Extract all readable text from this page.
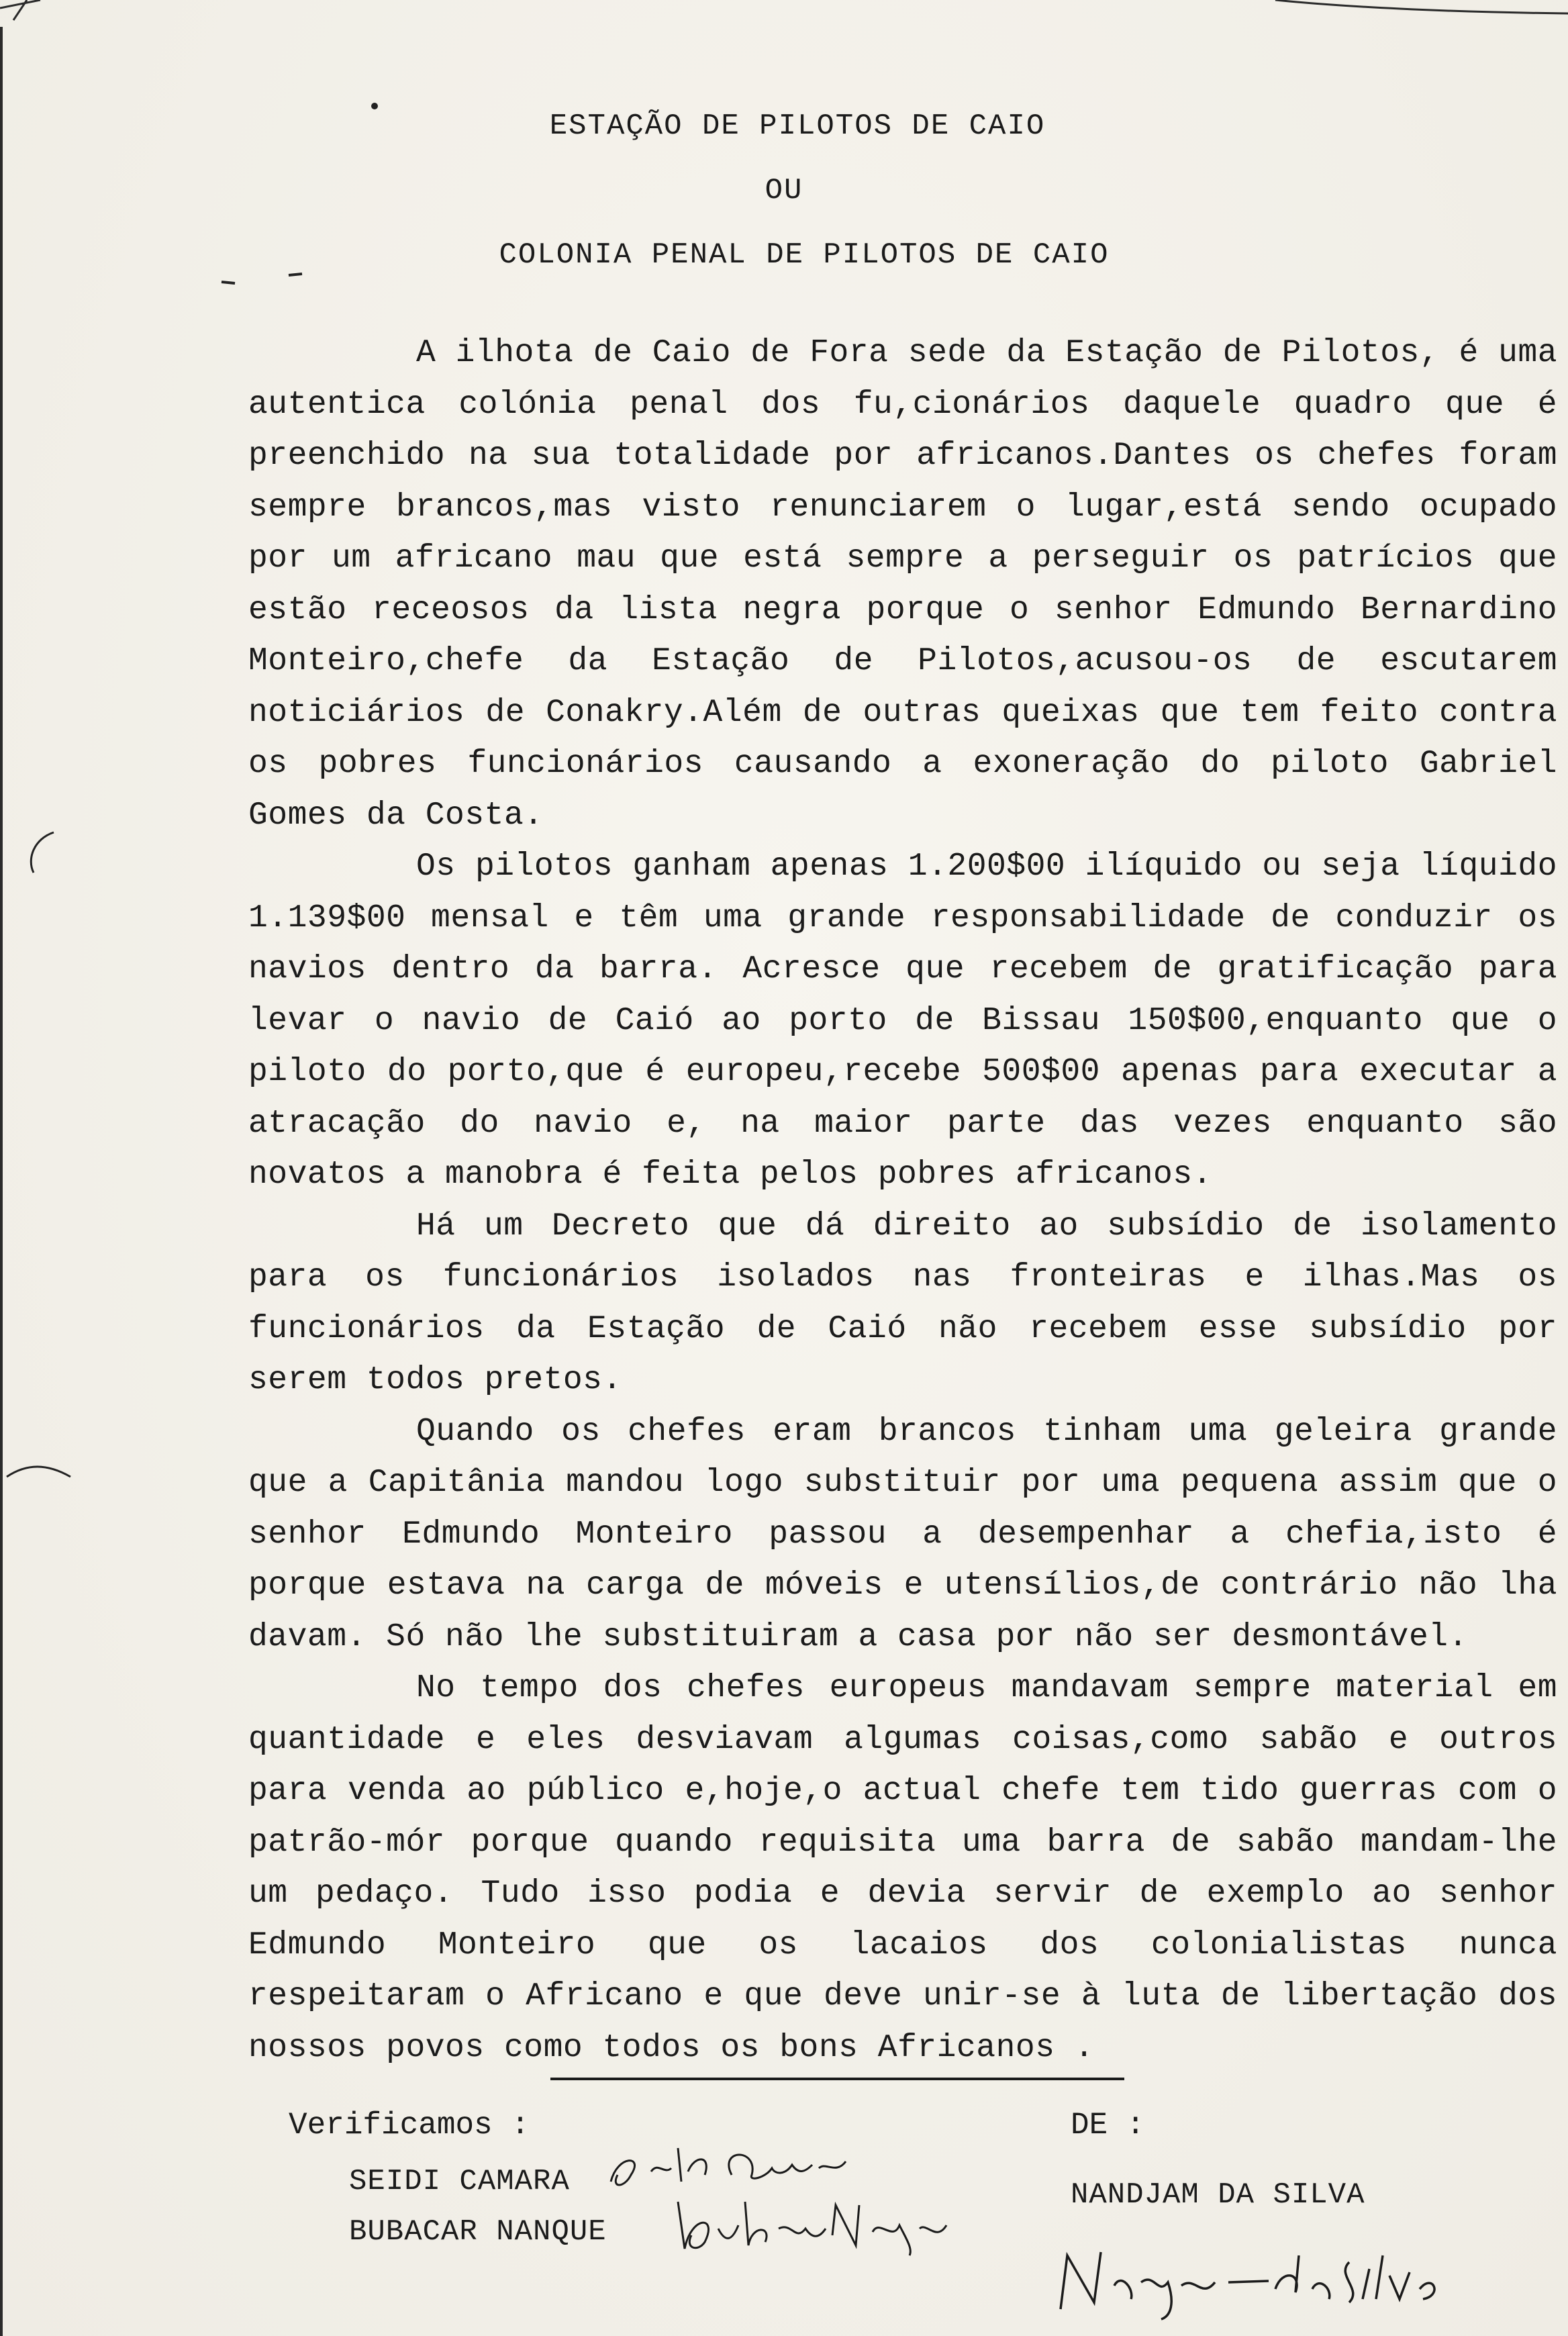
ESTAÇÃO DE PILOTOS DE CAIO
OU
COLONIA PENAL DE PILOTOS DE CAIO

A ilhota de Caio de Fora sede da Estação de Pilotos, é uma autentica colónia penal dos fu,cionários daquele quadro que é preenchido na sua totalidade por africanos.Dantes os chefes foram sempre brancos,mas visto renunciarem o lugar,está sendo ocupado por um africano mau que está sempre a perseguir os patrícios que estão receosos da lista negra porque o senhor Edmundo Bernardino Monteiro,chefe da Estação de Pilotos,acusou-os de escutarem noticiários de Conakry.Além de outras queixas que tem feito contra os pobres funcionários causando a exoneração do piloto Gabriel Gomes da Costa.

Os pilotos ganham apenas 1.200$00 ilíquido ou seja líquido 1.139$00 mensal e têm uma grande responsabilidade de conduzir os navios dentro da barra. Acresce que recebem de gratificação para levar o navio de Caió ao porto de Bissau 150$00,enquanto que o piloto do porto,que é europeu,recebe 500$00 apenas para executar a atracação do navio e, na maior parte das vezes enquanto são novatos a manobra é feita pelos pobres africanos.

Há um Decreto que dá direito ao subsídio de isolamento para os funcionários isolados nas fronteiras e ilhas.Mas os funcionários da Estação de Caió não recebem esse subsídio por serem todos pretos.

Quando os chefes eram brancos tinham uma geleira grande que a Capitânia mandou logo substituir por uma pequena assim que o senhor Edmundo Monteiro passou a desempenhar a chefia,isto é porque estava na carga de móveis e utensílios,de contrário não lha davam. Só não lhe substituiram a casa por não ser desmontável.

No tempo dos chefes europeus mandavam sempre material em quantidade e eles desviavam algumas coisas,como sabão e outros para venda ao público e,hoje,o actual chefe tem tido guerras com o patrão-mór porque quando requisita uma barra de sabão mandam-lhe um pedaço. Tudo isso podia e devia servir de exemplo ao senhor Edmundo Monteiro que os lacaios dos colonialistas nunca respeitaram o Africano e que deve unir-se à luta de libertação dos nossos povos como todos os bons Africanos .

Verificamos :
SEIDI CAMARA
BUBACAR NANQUE
DE :
NANDJAM DA SILVA
